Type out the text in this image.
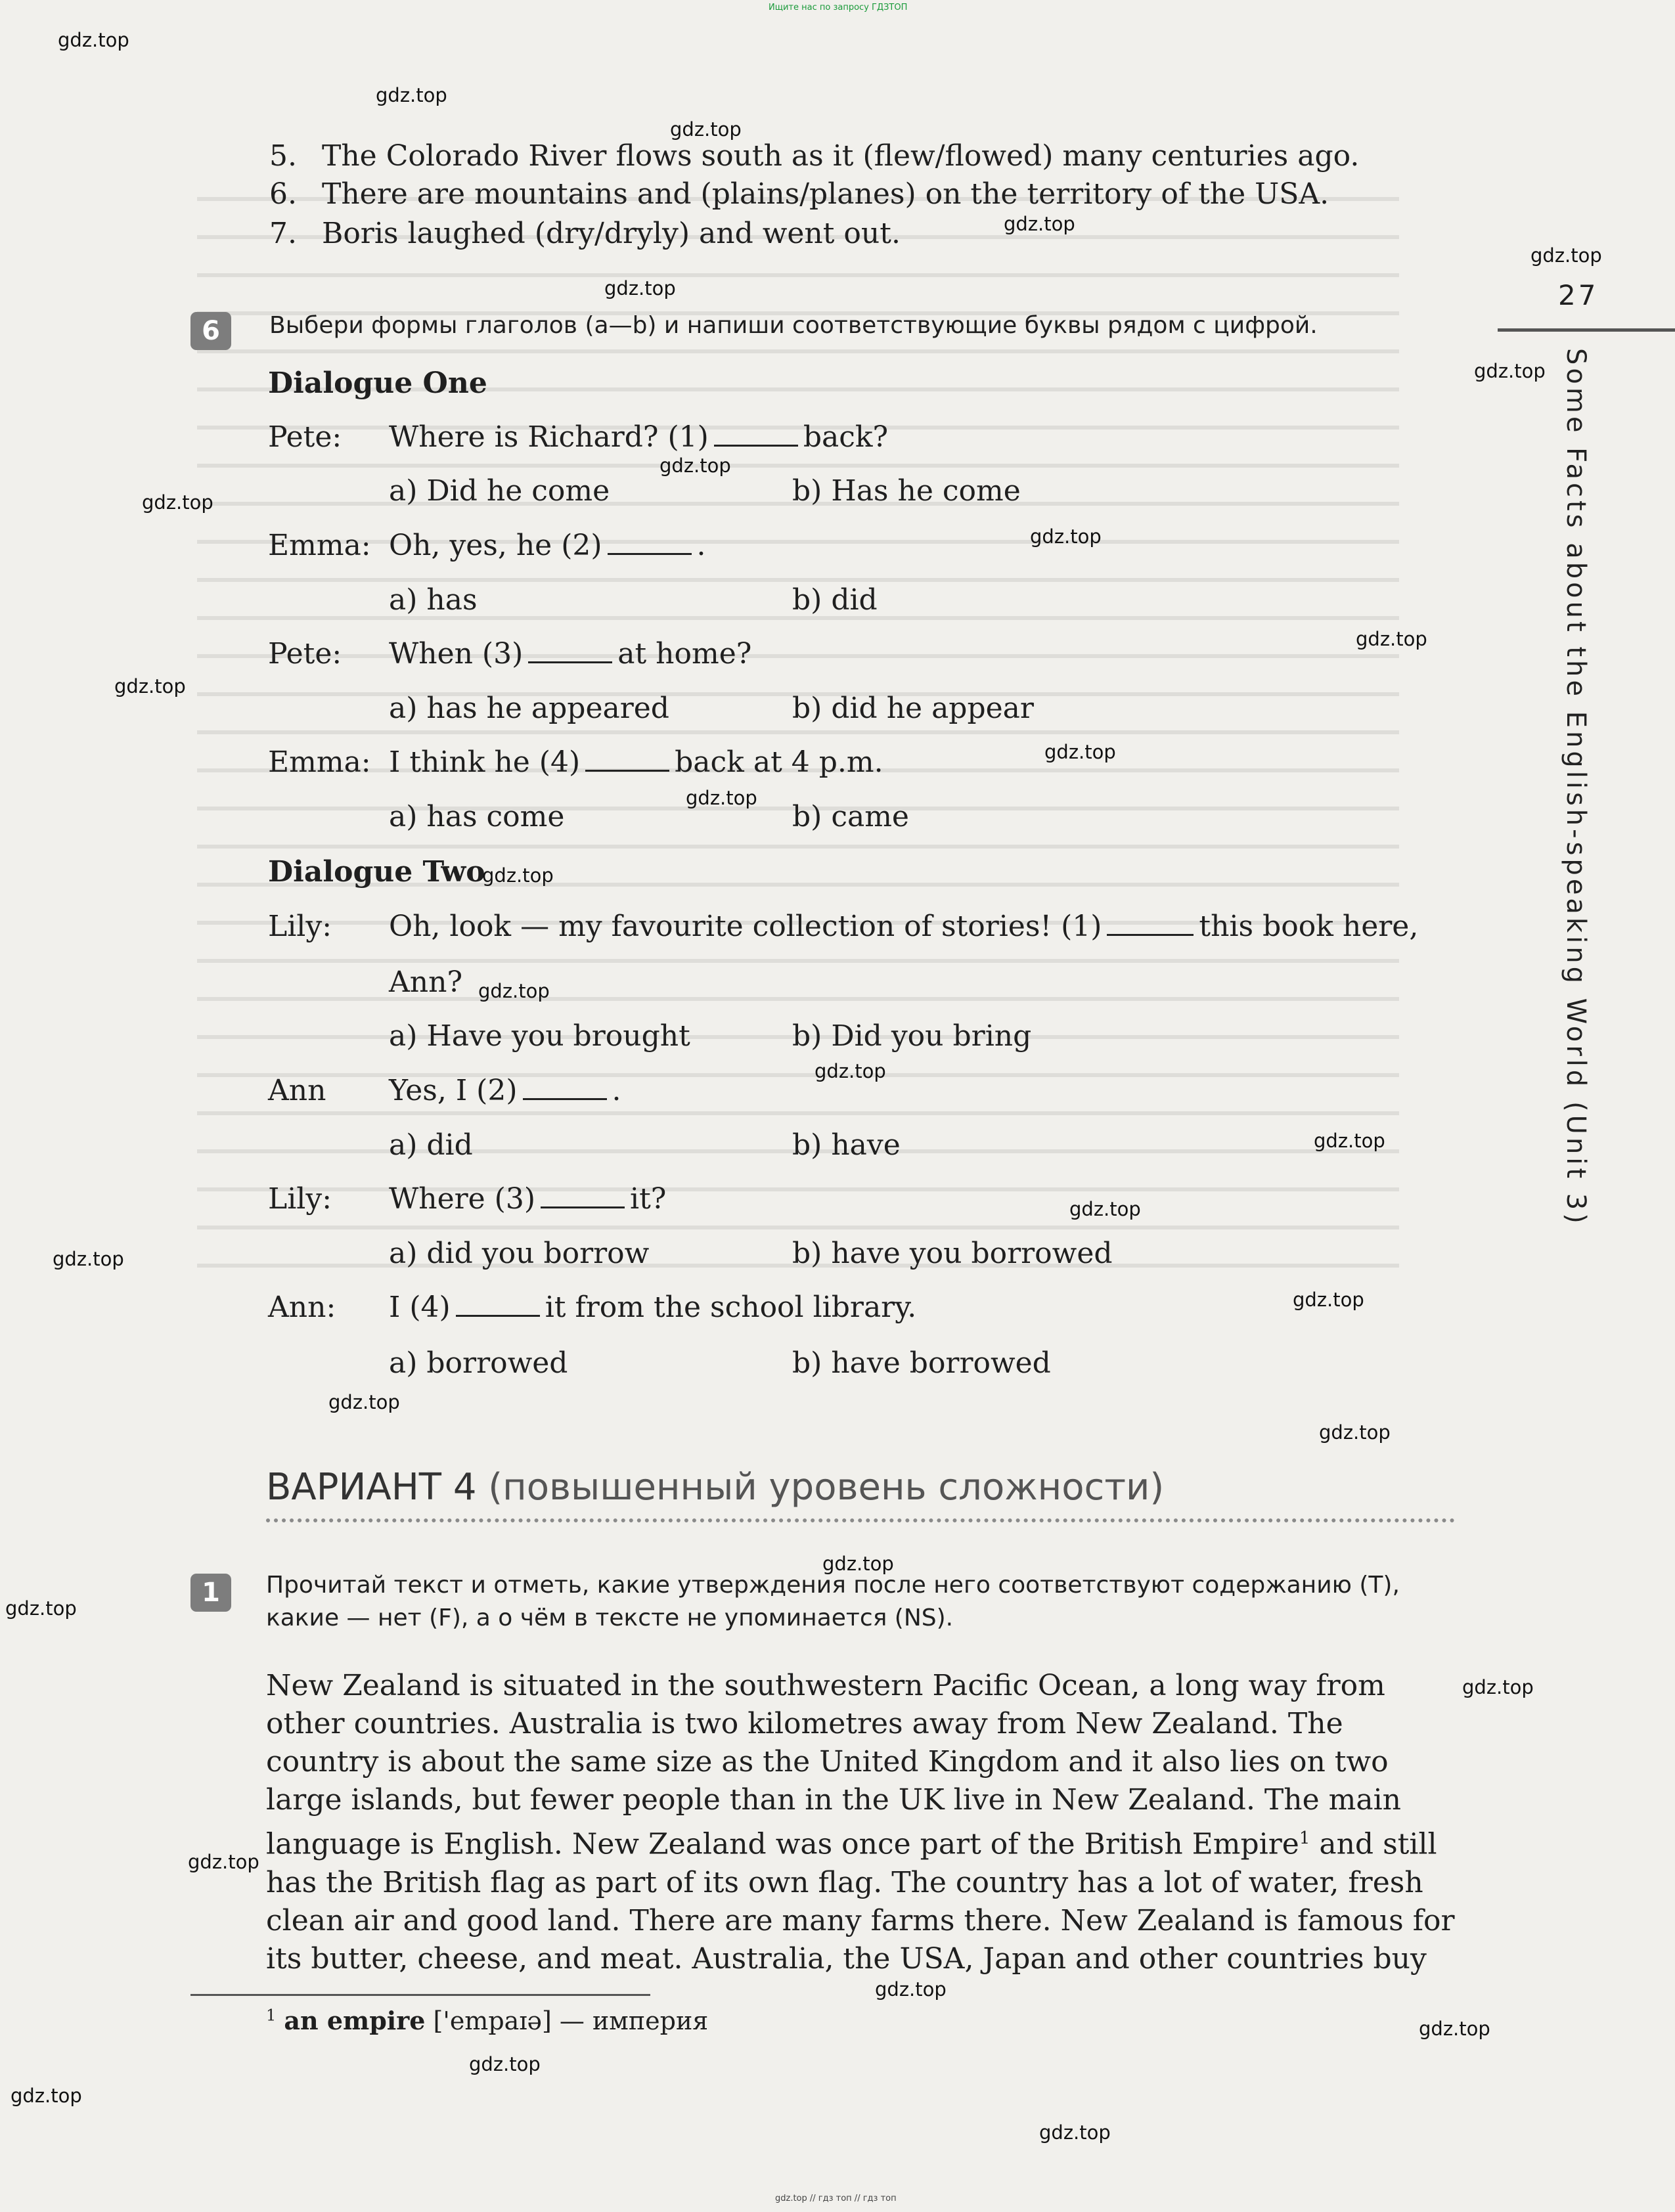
Ищите нас по запросу ГДЗТОП
gdz.top // гдз топ // гдз топ
27
Some Facts about the English-speaking World (Unit 3)
5. The Colorado River flows south as it (flew/flowed) many centuries ago.
6. There are mountains and (plains/planes) on the territory of the USA.
7. Boris laughed (dry/dryly) and went out.
6	Выбери формы глаголов (a—b) и напиши соответствующие буквы рядом с цифрой.
Dialogue One
Pete: Where is Richard? (1)	back?
a) Did he come	b) Has he come
Emma: Oh, yes, he (2)	.
a) has	b) did
Pete: When (3)	at home?
a) has he appeared	b) did he appear
Emma: I think he (4)	back at 4 p.m.
a) has come	b) came
Dialogue Two
Lily: Oh, look — my favourite collection of stories! (1)	this book here,
Ann?
a) Have you brought	b) Did you bring
Ann Yes, I (2)	.
a) did	b) have
Lily: Where (3)	it?
a) did you borrow	b) have you borrowed
Ann: I (4)	it from the school library.
a) borrowed	b) have borrowed
ВАРИАНТ 4 (повышенный уровень сложности)
1	Прочитай текст и отметь, какие утверждения после него соответствуют содержанию (T),
какие — нет (F), а о чём в тексте не упоминается (NS).

New Zealand is situated in the southwestern Pacific Ocean, a long way from

other countries. Australia is two kilometres away from New Zealand. The

country is about the same size as the United Kingdom and it also lies on two

large islands, but fewer people than in the UK live in New Zealand. The main

language is English. New Zealand was once part of the British Empire$^1$ and still

has the British flag as part of its own flag. The country has a lot of water, fresh

clean air and good land. There are many farms there. New Zealand is famous for

its butter, cheese, and meat. Australia, the USA, Japan and other countries buy

$^1$ an empire ['empaɪə] — империя
gdz.top
gdz.top
gdz.top
gdz.top
gdz.top
gdz.top
gdz.top
gdz.top
gdz.top
gdz.top
gdz.top
gdz.top
gdz.top
gdz.top
gdz.top
gdz.top
gdz.top
gdz.top
gdz.top
gdz.top
gdz.top
gdz.top
gdz.top
gdz.top
gdz.top
gdz.top
gdz.top
gdz.top
gdz.top
gdz.top
gdz.top
gdz.top
